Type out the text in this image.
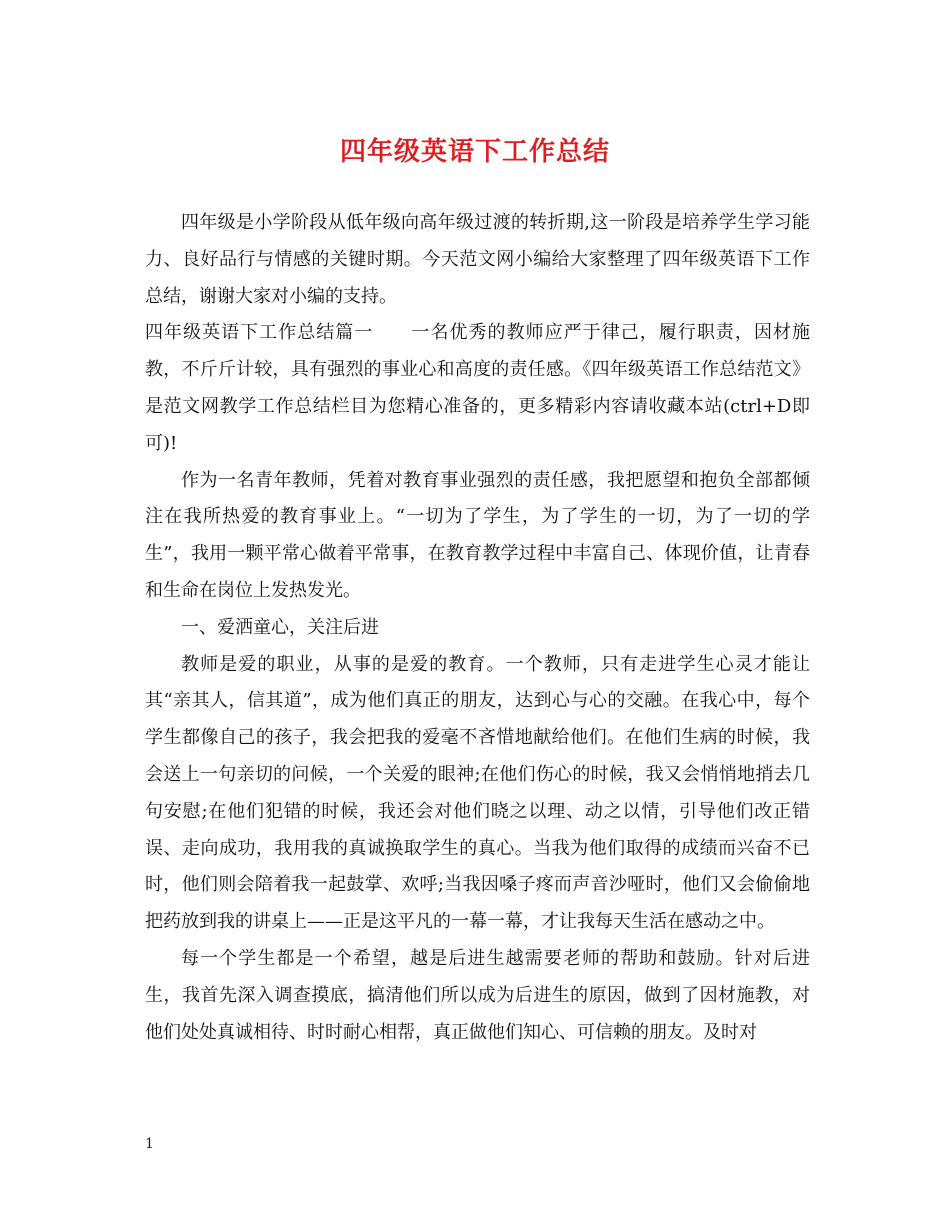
四年级英语下工作总结

四年级是小学阶段从低年级向高年级过渡的转折期,这一阶段是培养学生学习能力、良好品行与情感的关键时期。今天范文网小编给大家整理了四年级英语下工作总结，谢谢大家对小编的支持。

四年级英语下工作总结篇一　　一名优秀的教师应严于律己，履行职责，因材施教，不斤斤计较，具有强烈的事业心和高度的责任感。《四年级英语工作总结范文》是范文网教学工作总结栏目为您精心准备的，更多精彩内容请收藏本站(ctrl+D即可)!

作为一名青年教师，凭着对教育事业强烈的责任感，我把愿望和抱负全部都倾注在我所热爱的教育事业上。“一切为了学生，为了学生的一切，为了一切的学生”，我用一颗平常心做着平常事，在教育教学过程中丰富自己、体现价值，让青春和生命在岗位上发热发光。

一、爱洒童心，关注后进

教师是爱的职业，从事的是爱的教育。一个教师，只有走进学生心灵才能让其“亲其人，信其道”，成为他们真正的朋友，达到心与心的交融。在我心中，每个学生都像自己的孩子，我会把我的爱毫不吝惜地献给他们。在他们生病的时候，我会送上一句亲切的问候，一个关爱的眼神;在他们伤心的时候，我又会悄悄地捎去几句安慰;在他们犯错的时候，我还会对他们晓之以理、动之以情，引导他们改正错误、走向成功，我用我的真诚换取学生的真心。当我为他们取得的成绩而兴奋不已时，他们则会陪着我一起鼓掌、欢呼;当我因嗓子疼而声音沙哑时，他们又会偷偷地把药放到我的讲桌上——正是这平凡的一幕一幕，才让我每天生活在感动之中。

每一个学生都是一个希望，越是后进生越需要老师的帮助和鼓励。针对后进生，我首先深入调查摸底，搞清他们所以成为后进生的原因，做到了因材施教，对他们处处真诚相待、时时耐心相帮，真正做他们知心、可信赖的朋友。及时对

1
